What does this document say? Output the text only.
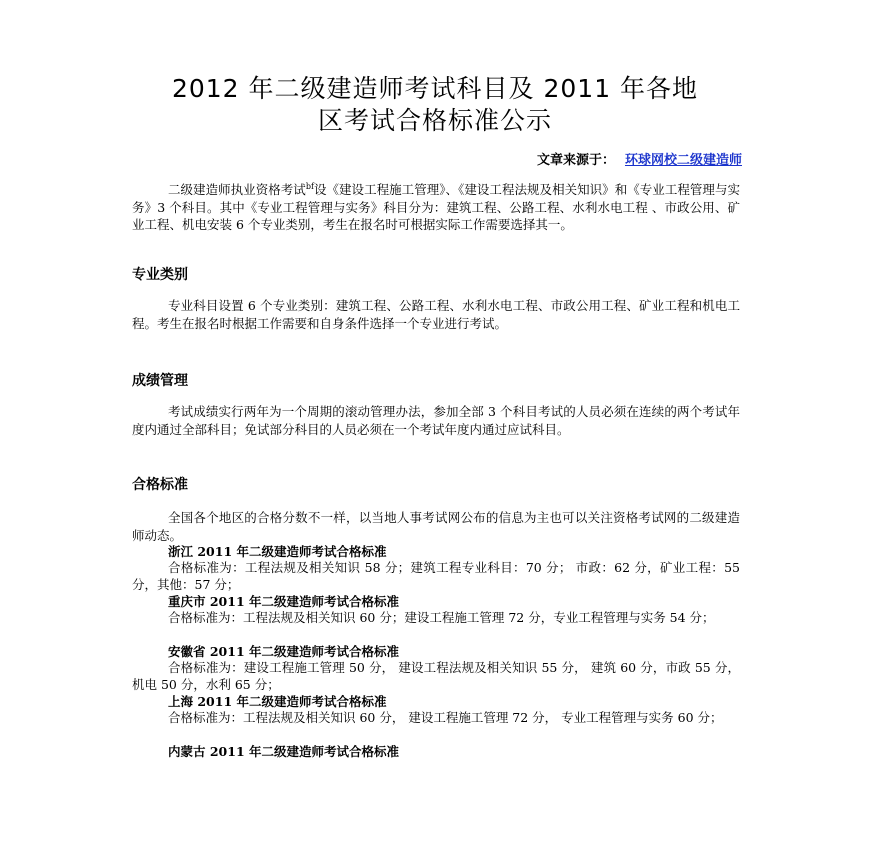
2012 年二级建造师考试科目及 2011 年各地
区考试合格标准公示
文章来源于： 环球网校二级建造师

二级建造师执业资格考试$^{bf}$设《建设工程施工管理》、《建设工程法规及相关知识》和《专业工程管理与实务》3 个科目。其中《专业工程管理与实务》科目分为：建筑工程、公路工程、水利水电工程 、市政公用、矿业工程、机电安装 6 个专业类别，考生在报名时可根据实际工作需要选择其一。

专业类别

专业科目设置 6 个专业类别：建筑工程、公路工程、水利水电工程、市政公用工程、矿业工程和机电工程。考生在报名时根据工作需要和自身条件选择一个专业进行考试。

成绩管理

考试成绩实行两年为一个周期的滚动管理办法，参加全部 3 个科目考试的人员必须在连续的两个考试年度内通过全部科目；免试部分科目的人员必须在一个考试年度内通过应试科目。

合格标准

全国各个地区的合格分数不一样，以当地人事考试网公布的信息为主也可以关注资格考试网的二级建造师动态。

浙江 2011 年二级建造师考试合格标准

合格标准为：工程法规及相关知识 58 分；建筑工程专业科目：70 分； 市政：62 分，矿业工程：55 分，其他：57 分；

重庆市 2011 年二级建造师考试合格标准

合格标准为：工程法规及相关知识 60 分；建设工程施工管理 72 分，专业工程管理与实务 54 分；

安徽省 2011 年二级建造师考试合格标准

合格标准为：建设工程施工管理 50 分， 建设工程法规及相关知识 55 分， 建筑 60 分，市政 55 分，机电 50 分，水利 65 分；

上海 2011 年二级建造师考试合格标准

合格标准为：工程法规及相关知识 60 分， 建设工程施工管理 72 分， 专业工程管理与实务 60 分；

内蒙古 2011 年二级建造师考试合格标准
